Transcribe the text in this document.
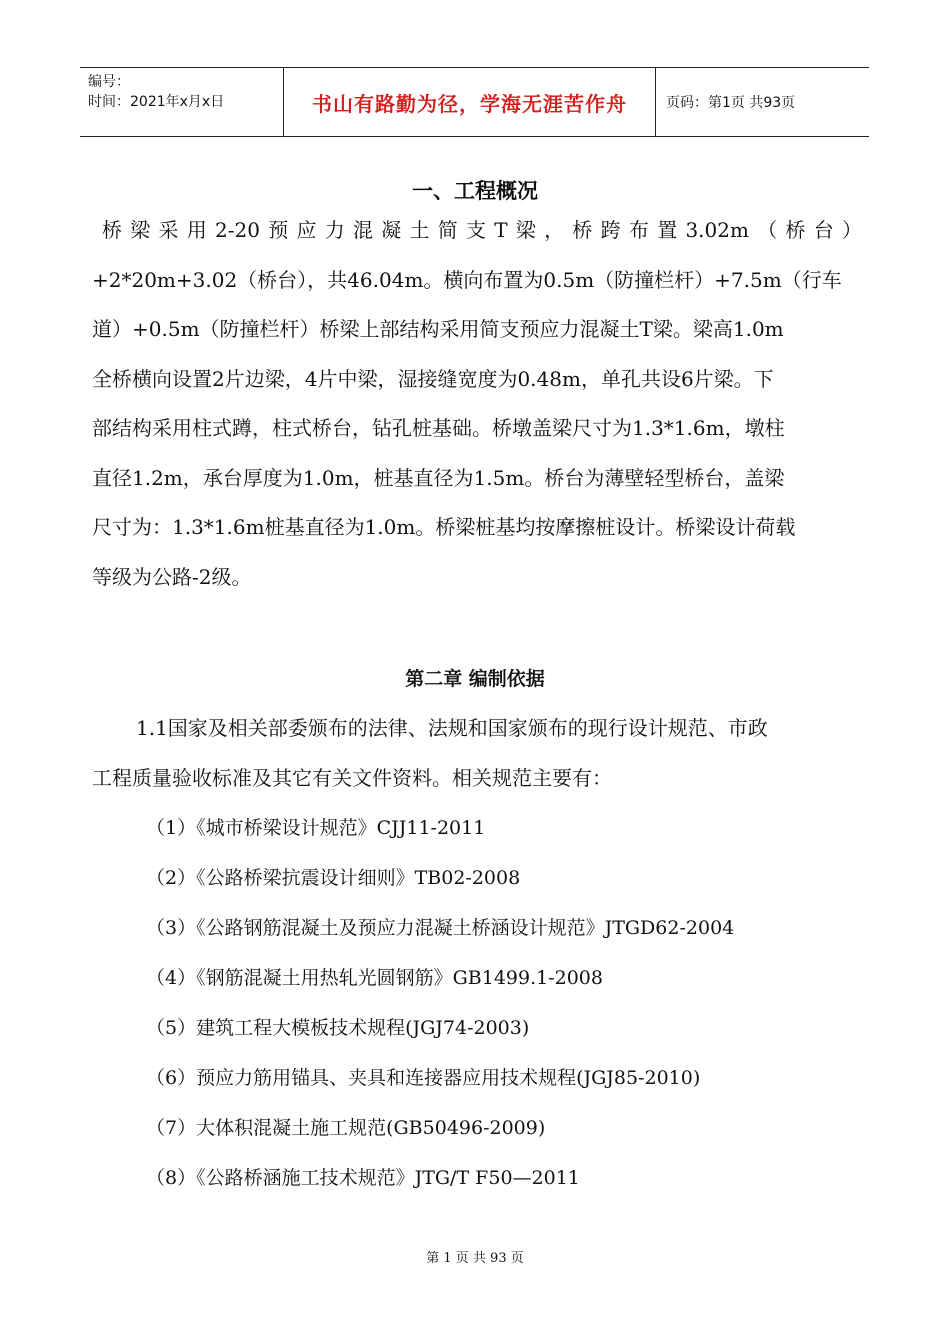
编号：
时间：2021年x月x日	书山有路勤为径，学海无涯苦作舟	页码：第1页 共93页
一、工程概况
桥梁采用2-20预应力混凝土简支T梁，桥跨布置3.02m（桥台）
+2*20m+3.02（桥台），共46.04m。横向布置为0.5m（防撞栏杆）+7.5m（行车
道）+0.5m（防撞栏杆）桥梁上部结构采用简支预应力混凝土T梁。梁高1.0m
全桥横向设置2片边梁，4片中梁，湿接缝宽度为0.48m，单孔共设6片梁。下
部结构采用柱式蹲，柱式桥台，钻孔桩基础。桥墩盖梁尺寸为1.3*1.6m，墩柱
直径1.2m，承台厚度为1.0m，桩基直径为1.5m。桥台为薄壁轻型桥台，盖梁
尺寸为：1.3*1.6m桩基直径为1.0m。桥梁桩基均按摩擦桩设计。桥梁设计荷载
等级为公路-2级。
第二章 编制依据
1.1国家及相关部委颁布的法律、法规和国家颁布的现行设计规范、市政
工程质量验收标准及其它有关文件资料。相关规范主要有：
（1）《城市桥梁设计规范》CJJ11-2011
（2）《公路桥梁抗震设计细则》TB02-2008
（3）《公路钢筋混凝土及预应力混凝土桥涵设计规范》JTGD62-2004
（4）《钢筋混凝土用热轧光圆钢筋》GB1499.1-2008
（5）建筑工程大模板技术规程(JGJ74-2003)
（6）预应力筋用锚具、夹具和连接器应用技术规程(JGJ85-2010)
（7）大体积混凝土施工规范(GB50496-2009)
（8）《公路桥涵施工技术规范》JTG/T F50—2011
第 1 页 共 93 页
